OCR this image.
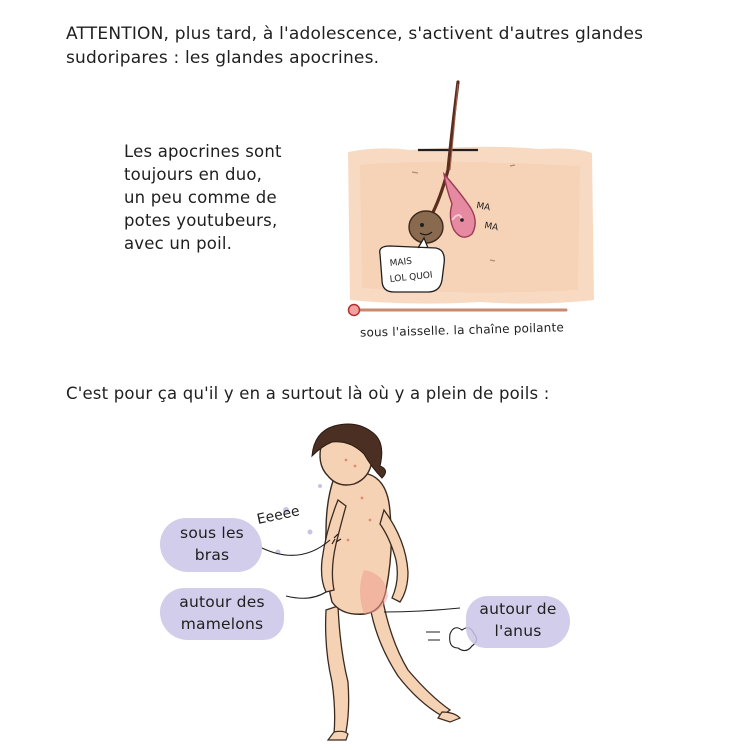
ATTENTION, plus tard, à l'adolescence, s'activent d'autres glandes
sudoripares : les glandes apocrines.
Les apocrines sont
toujours en duo,
un peu comme de
potes youtubeurs,
avec un poil.
MA
MA
MAIS
LOL QUOI
sous l'aisselle. la chaîne poilante
C'est pour ça qu'il y en a surtout là où y a plein de poils :
Eeeee
sous les
bras
autour des
mamelons
autour de
l'anus
